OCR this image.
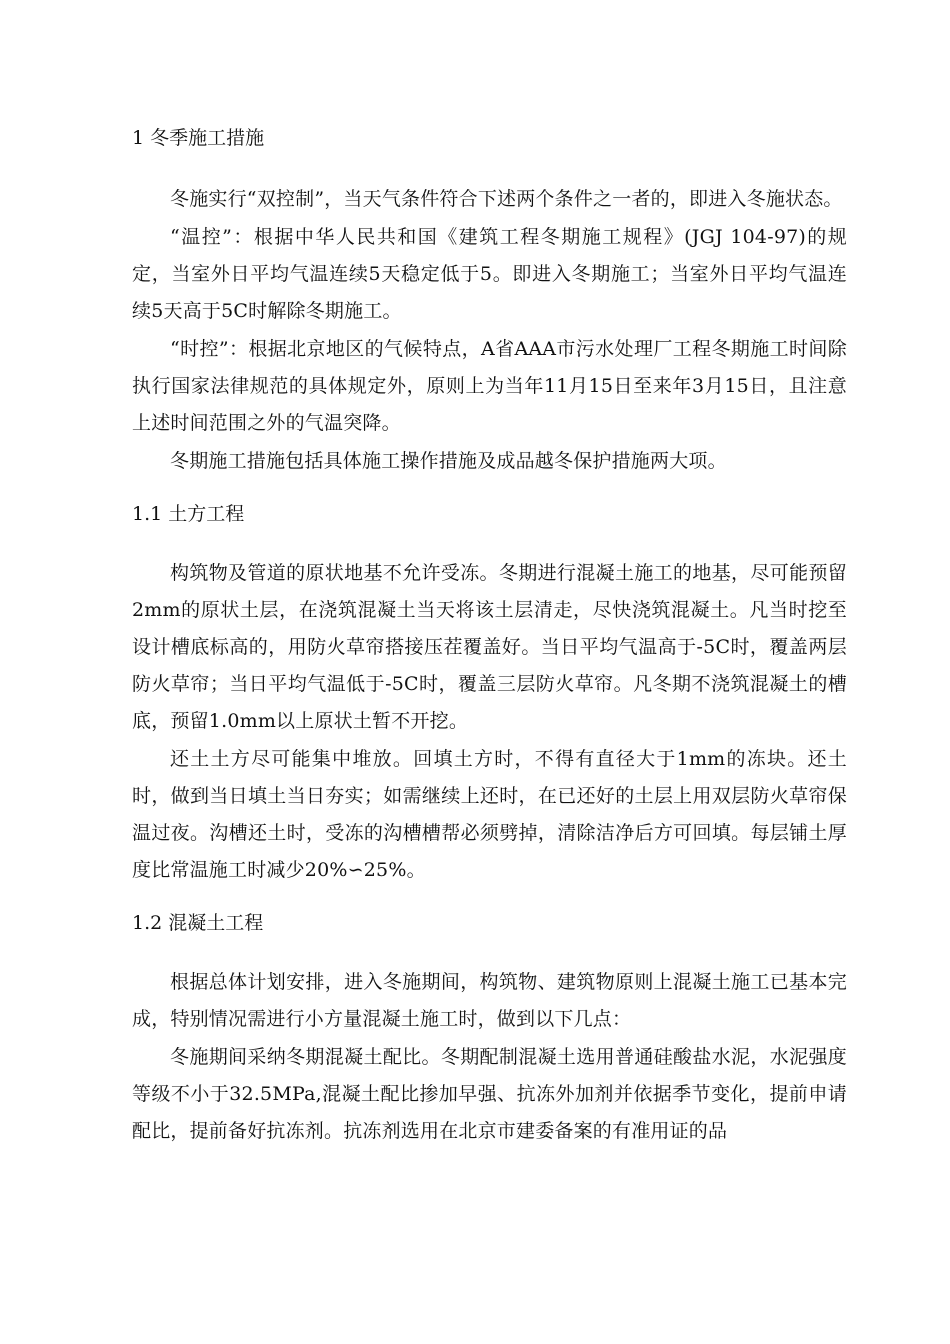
1 冬季施工措施

冬施实行“双控制”，当天气条件符合下述两个条件之一者的，即进入冬施状态。

“温控”：根据中华人民共和国《建筑工程冬期施工规程》(JGJ 104-97)的规定，当室外日平均气温连续5天稳定低于5。即进入冬期施工；当室外日平均气温连续5天高于5C时解除冬期施工。

“时控”：根据北京地区的气候特点，A省AAA市污水处理厂工程冬期施工时间除执行国家法律规范的具体规定外，原则上为当年11月15日至来年3月15日，且注意上述时间范围之外的气温突降。

冬期施工措施包括具体施工操作措施及成品越冬保护措施两大项。

1.1 土方工程

构筑物及管道的原状地基不允许受冻。冬期进行混凝土施工的地基，尽可能预留2mm的原状土层，在浇筑混凝土当天将该土层清走，尽快浇筑混凝土。凡当时挖至设计槽底标高的，用防火草帘搭接压茬覆盖好。当日平均气温高于-5C时，覆盖两层防火草帘；当日平均气温低于-5C时，覆盖三层防火草帘。凡冬期不浇筑混凝土的槽底，预留1.0mm以上原状土暂不开挖。

还土土方尽可能集中堆放。回填土方时，不得有直径大于1mm的冻块。还土时，做到当日填土当日夯实；如需继续上还时，在已还好的土层上用双层防火草帘保温过夜。沟槽还土时，受冻的沟槽槽帮必须劈掉，清除洁净后方可回填。每层铺土厚度比常温施工时减少20%∽25%。

1.2 混凝土工程

根据总体计划安排，进入冬施期间，构筑物、建筑物原则上混凝土施工已基本完成，特别情况需进行小方量混凝土施工时，做到以下几点：

冬施期间采纳冬期混凝土配比。冬期配制混凝土选用普通硅酸盐水泥，水泥强度等级不小于32.5MPa,混凝土配比掺加早强、抗冻外加剂并依据季节变化，提前申请配比，提前备好抗冻剂。抗冻剂选用在北京市建委备案的有准用证的品
